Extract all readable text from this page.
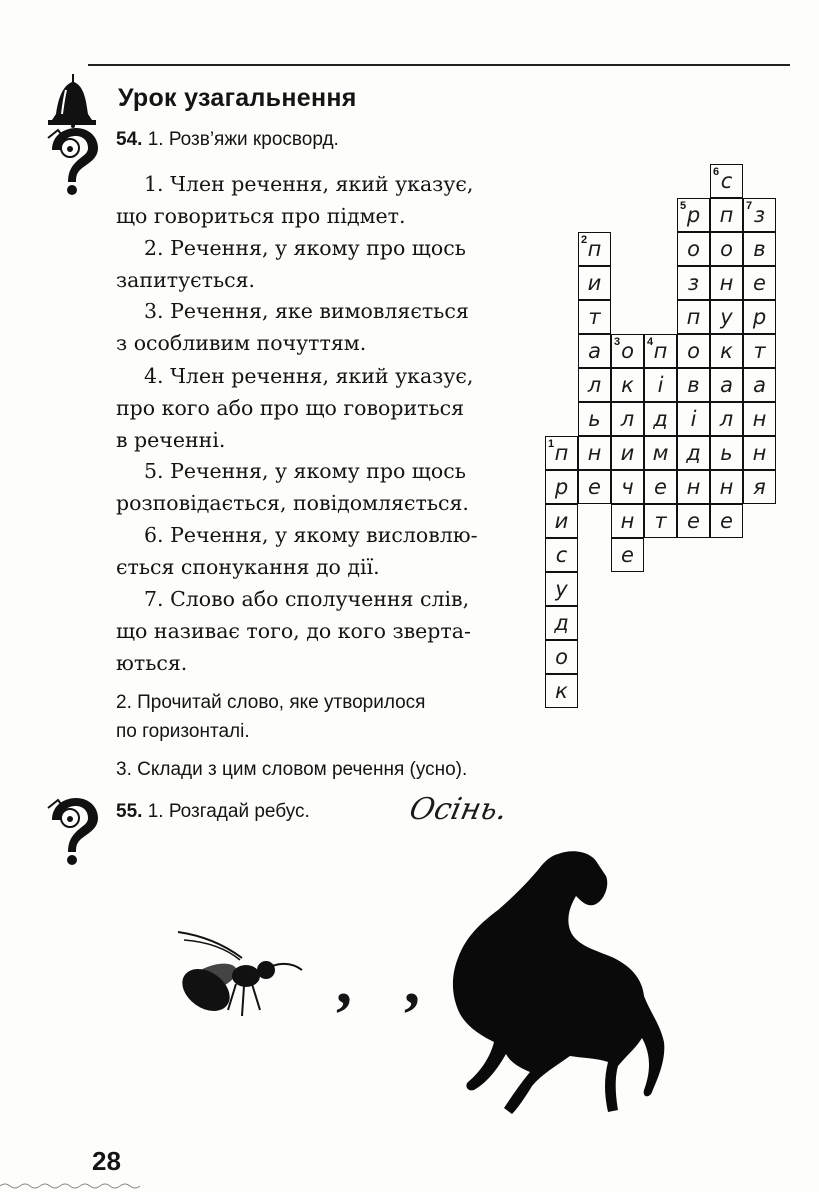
Урок узагальнення
54. 1. Розв’яжи кросворд.
1. Член речення, який указує,
що говориться про підмет.
2. Речення, у якому про щось
запитується.
3. Речення, яке вимовляється
з особливим почуттям.
4. Член речення, який указує,
про кого або про що говориться
в реченні.
5. Речення, у якому про щось
розповідається, повідомляється.
6. Речення, у якому висловлю-
ється спонукання до дії.
7. Слово або сполучення слів,
що називає того, до кого зверта-
ються.
2. Прочитай слово, яке утворилося
по горизонталі.
3. Склади з цим словом речення (усно).
п
1
р
и
с
у
д
о
к
п
2
и
т
а
л
ь
н
е
о
3
к
л
и
ч
н
е
п
4
і
д
м
е
т
р
5
о
з
п
о
в
і
д
н
е
с
6
п
о
н
у
к
а
л
ь
н
е
з
7
в
е
р
т
а
н
н
я
55. 1. Розгадай ребус.	Осінь.
, ,
28
